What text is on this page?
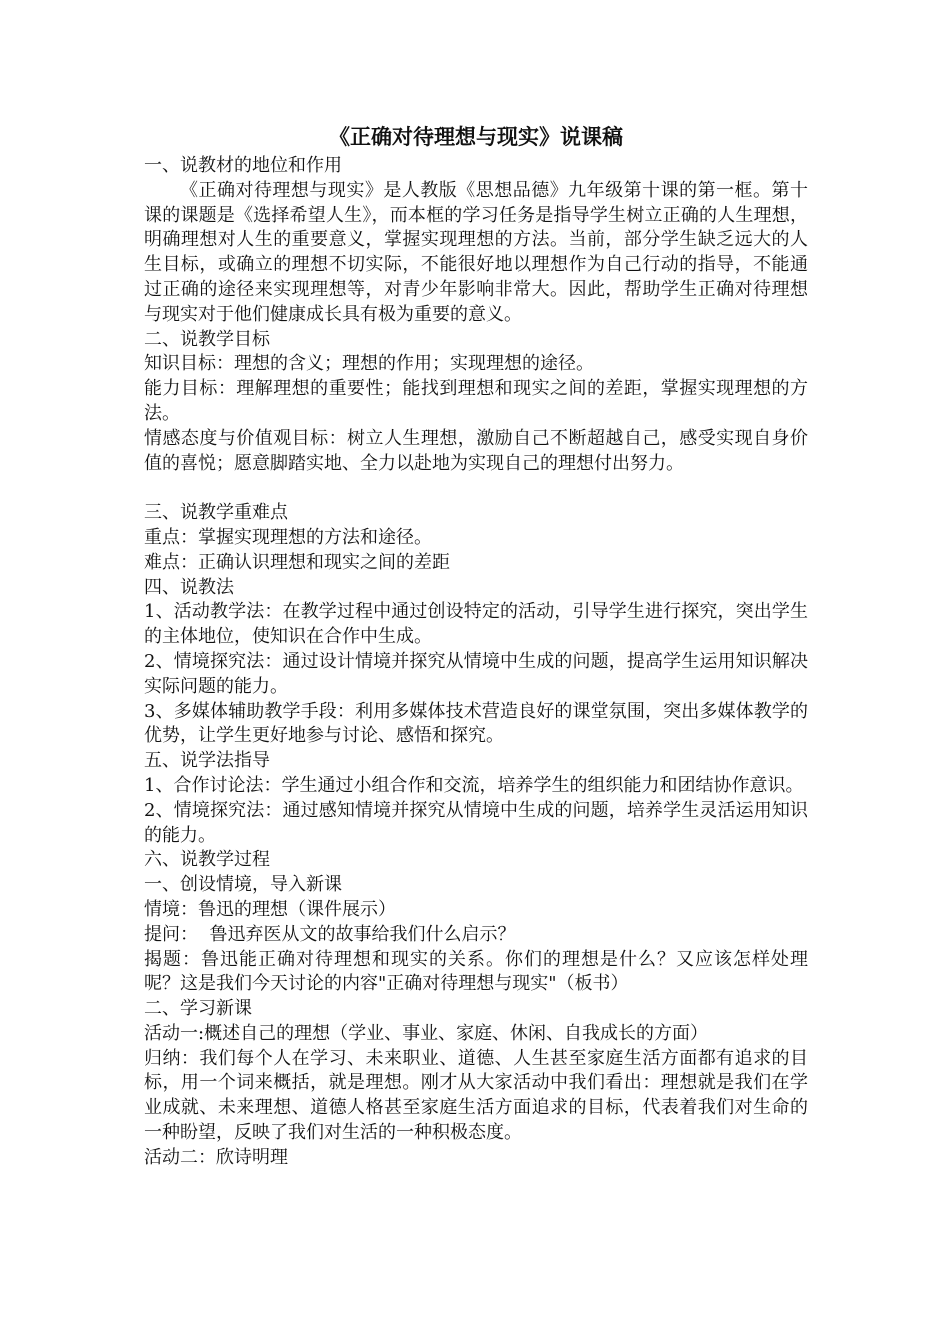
《正确对待理想与现实》说课稿

一、说教材的地位和作用

《正确对待理想与现实》是人教版《思想品德》九年级第十课的第一框。第十课的课题是《选择希望人生》，而本框的学习任务是指导学生树立正确的人生理想，明确理想对人生的重要意义，掌握实现理想的方法。当前，部分学生缺乏远大的人生目标，或确立的理想不切实际，不能很好地以理想作为自己行动的指导，不能通过正确的途径来实现理想等，对青少年影响非常大。因此，帮助学生正确对待理想与现实对于他们健康成长具有极为重要的意义。

二、说教学目标

知识目标：理想的含义；理想的作用；实现理想的途径。

能力目标：理解理想的重要性；能找到理想和现实之间的差距，掌握实现理想的方法。

情感态度与价值观目标：树立人生理想，激励自己不断超越自己，感受实现自身价值的喜悦；愿意脚踏实地、全力以赴地为实现自己的理想付出努力。

三、说教学重难点

重点：掌握实现理想的方法和途径。

难点：正确认识理想和现实之间的差距

四、说教法

1、活动教学法：在教学过程中通过创设特定的活动，引导学生进行探究，突出学生的主体地位，使知识在合作中生成。

2、情境探究法：通过设计情境并探究从情境中生成的问题，提高学生运用知识解决实际问题的能力。

3、多媒体辅助教学手段：利用多媒体技术营造良好的课堂氛围，突出多媒体教学的优势，让学生更好地参与讨论、感悟和探究。

五、说学法指导

1、合作讨论法：学生通过小组合作和交流，培养学生的组织能力和团结协作意识。

2、情境探究法：通过感知情境并探究从情境中生成的问题，培养学生灵活运用知识的能力。

六、说教学过程

一、创设情境，导入新课

情境：鲁迅的理想（课件展示）

提问：  鲁迅弃医从文的故事给我们什么启示？

揭题：鲁迅能正确对待理想和现实的关系。你们的理想是什么？又应该怎样处理呢？这是我们今天讨论的内容"正确对待理想与现实"（板书）

二、学习新课

活动一:概述自己的理想（学业、事业、家庭、休闲、自我成长的方面）

归纳：我们每个人在学习、未来职业、道德、人生甚至家庭生活方面都有追求的目标，用一个词来概括，就是理想。刚才从大家活动中我们看出：理想就是我们在学业成就、未来理想、道德人格甚至家庭生活方面追求的目标，代表着我们对生命的一种盼望，反映了我们对生活的一种积极态度。

活动二：欣诗明理
